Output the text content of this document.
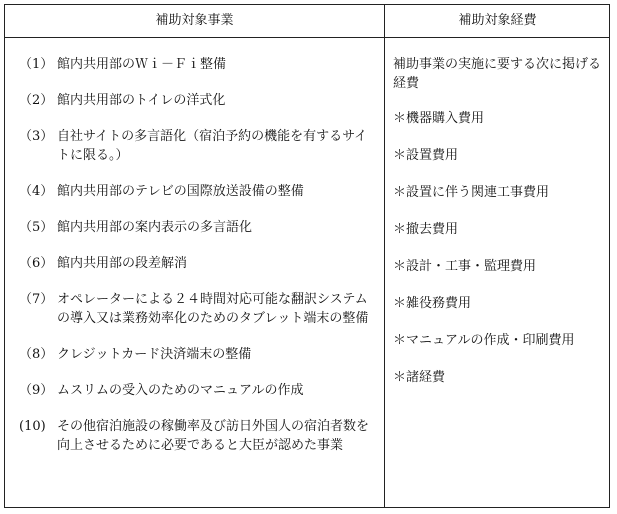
補助対象事業	補助対象経費
（1） 館内共用部のＷｉ－Ｆｉ整備
（2） 館内共用部のトイレの洋式化
（3） 自社サイトの多言語化（宿泊予約の機能を有するサイトに限る。）
（4） 館内共用部のテレビの国際放送設備の整備
（5） 館内共用部の案内表示の多言語化
（6） 館内共用部の段差解消
（7） オペレーターによる２４時間対応可能な翻訳システムの導入又は業務効率化のためのタブレット端末の整備
（8） クレジットカード決済端末の整備
（9） ムスリムの受入のためのマニュアルの作成
(10) その他宿泊施設の稼働率及び訪日外国人の宿泊者数を向上させるために必要であると大臣が認めた事業
補助事業の実施に要する次に掲げる経費
＊機器購入費用
＊設置費用
＊設置に伴う関連工事費用
＊撤去費用
＊設計・工事・監理費用
＊雑役務費用
＊マニュアルの作成・印刷費用
＊諸経費
